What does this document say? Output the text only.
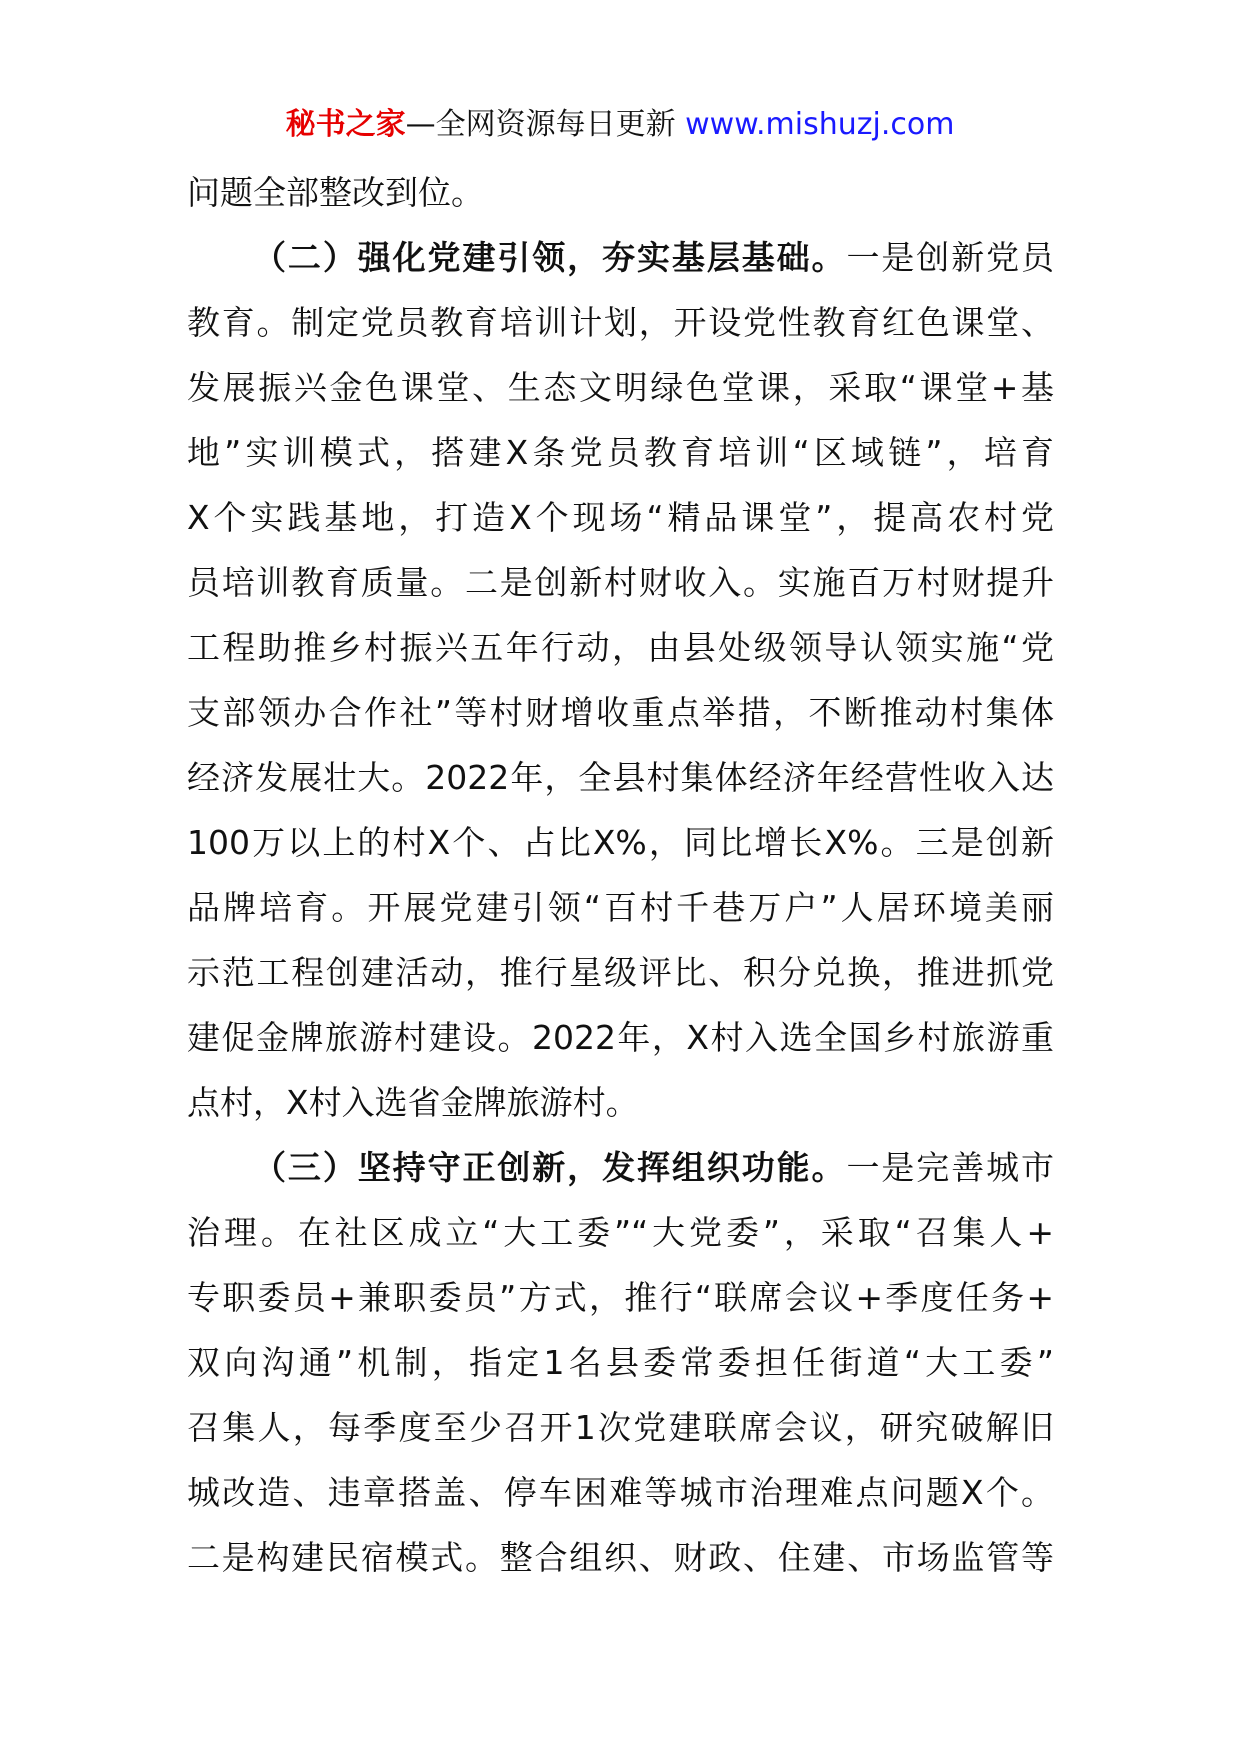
秘书之家—全网资源每日更新 www.mishuzj.com
问题全部整改到位。
（二）强化党建引领，夯实基层基础。一是创新党员
教育。制定党员教育培训计划，开设党性教育红色课堂、
发展振兴金色课堂、生态文明绿色堂课，采取“课堂+基
地”实训模式，搭建X条党员教育培训“区域链”，培育
X个实践基地，打造X个现场“精品课堂”，提高农村党
员培训教育质量。二是创新村财收入。实施百万村财提升
工程助推乡村振兴五年行动，由县处级领导认领实施“党
支部领办合作社”等村财增收重点举措，不断推动村集体
经济发展壮大。2022年，全县村集体经济年经营性收入达
100万以上的村X个、占比X%，同比增长X%。三是创新
品牌培育。开展党建引领“百村千巷万户”人居环境美丽
示范工程创建活动，推行星级评比、积分兑换，推进抓党
建促金牌旅游村建设。2022年，X村入选全国乡村旅游重
点村，X村入选省金牌旅游村。
（三）坚持守正创新，发挥组织功能。一是完善城市
治理。在社区成立“大工委”“大党委”，采取“召集人+
专职委员+兼职委员”方式，推行“联席会议+季度任务+
双向沟通”机制，指定1名县委常委担任街道“大工委”
召集人，每季度至少召开1次党建联席会议，研究破解旧
城改造、违章搭盖、停车困难等城市治理难点问题X个。
二是构建民宿模式。整合组织、财政、住建、市场监管等
